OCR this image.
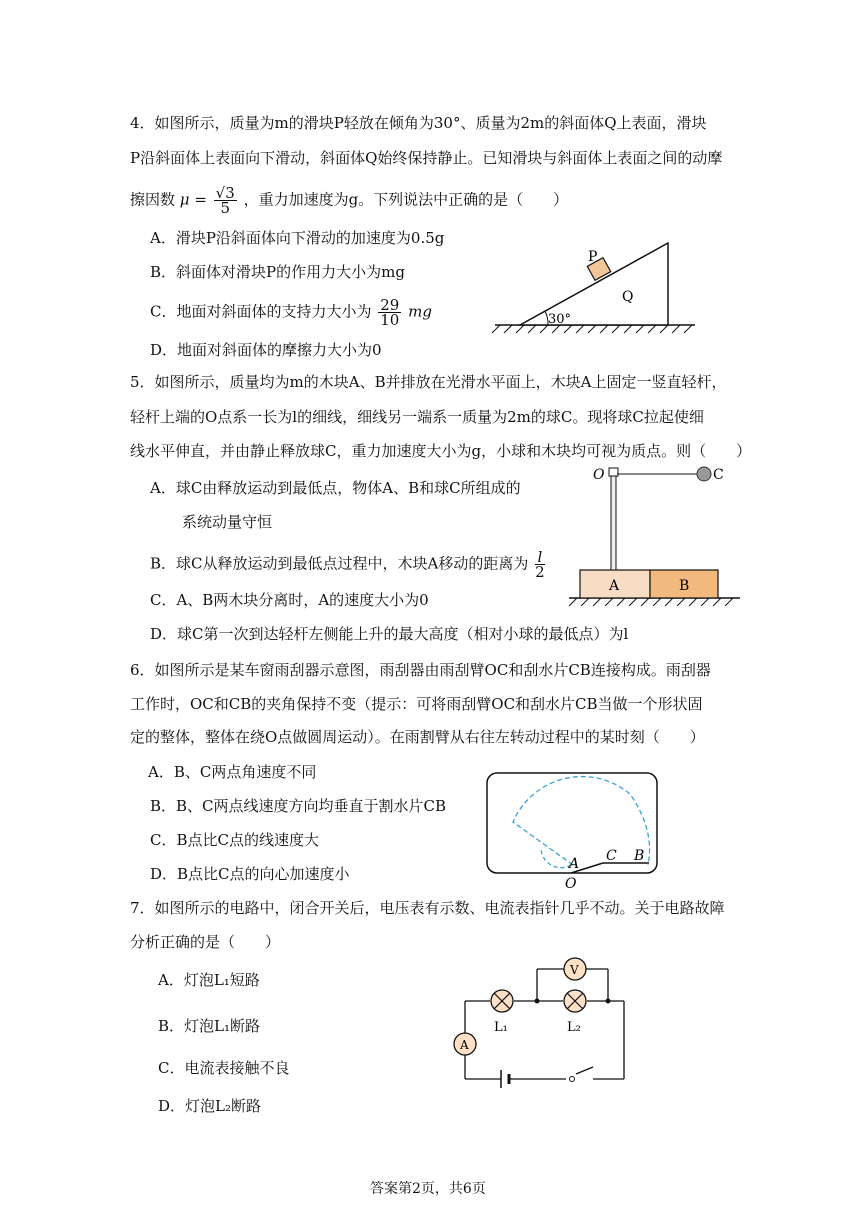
4．如图所示，质量为m的滑块P轻放在倾角为30°、质量为2m的斜面体Q上表面，滑块
P沿斜面体上表面向下滑动，斜面体Q始终保持静止。已知滑块与斜面体上表面之间的动摩
擦因数 $\mu = \frac{√3}{5}$ ，重力加速度为g。下列说法中正确的是（　　）
A．滑块P沿斜面体向下滑动的加速度为0.5g
B．斜面体对滑块P的作用力大小为mg
C．地面对斜面体的支持力大小为 $\frac{29}{10}$ mg
D．地面对斜面体的摩擦力大小为0
P
Q
30°
5．如图所示，质量均为m的木块A、B并排放在光滑水平面上，木块A上固定一竖直轻杆，
轻杆上端的O点系一长为l的细线，细线另一端系一质量为2m的球C。现将球C拉起使细
线水平伸直，并由静止释放球C，重力加速度大小为g，小球和木块均可视为质点。则（　　）
A．球C由释放运动到最低点，物体A、B和球C所组成的
系统动量守恒
B．球C从释放运动到最低点过程中，木块A移动的距离为 $\frac{l}{2}$
C．A、B两木块分离时，A的速度大小为0
D．球C第一次到达轻杆左侧能上升的最大高度（相对小球的最低点）为l
O	C
A	B
6．如图所示是某车窗雨刮器示意图，雨刮器由雨刮臂OC和刮水片CB连接构成。雨刮器
工作时，OC和CB的夹角保持不变（提示：可将雨刮臂OC和刮水片CB当做一个形状固
定的整体，整体在绕O点做圆周运动）。在雨割臂从右往左转动过程中的某时刻（　　）
A．B、C两点角速度不同
B．B、C两点线速度方向均垂直于割水片CB
C．B点比C点的线速度大
D．B点比C点的向心加速度小
A C B
O
7．如图所示的电路中，闭合开关后，电压表有示数、电流表指针几乎不动。关于电路故障
分析正确的是（　　）
A．灯泡L₁短路
B．灯泡L₁断路
C．电流表接触不良
D．灯泡L₂断路
V
A
L₁	L₂
答案第2页，共6页
